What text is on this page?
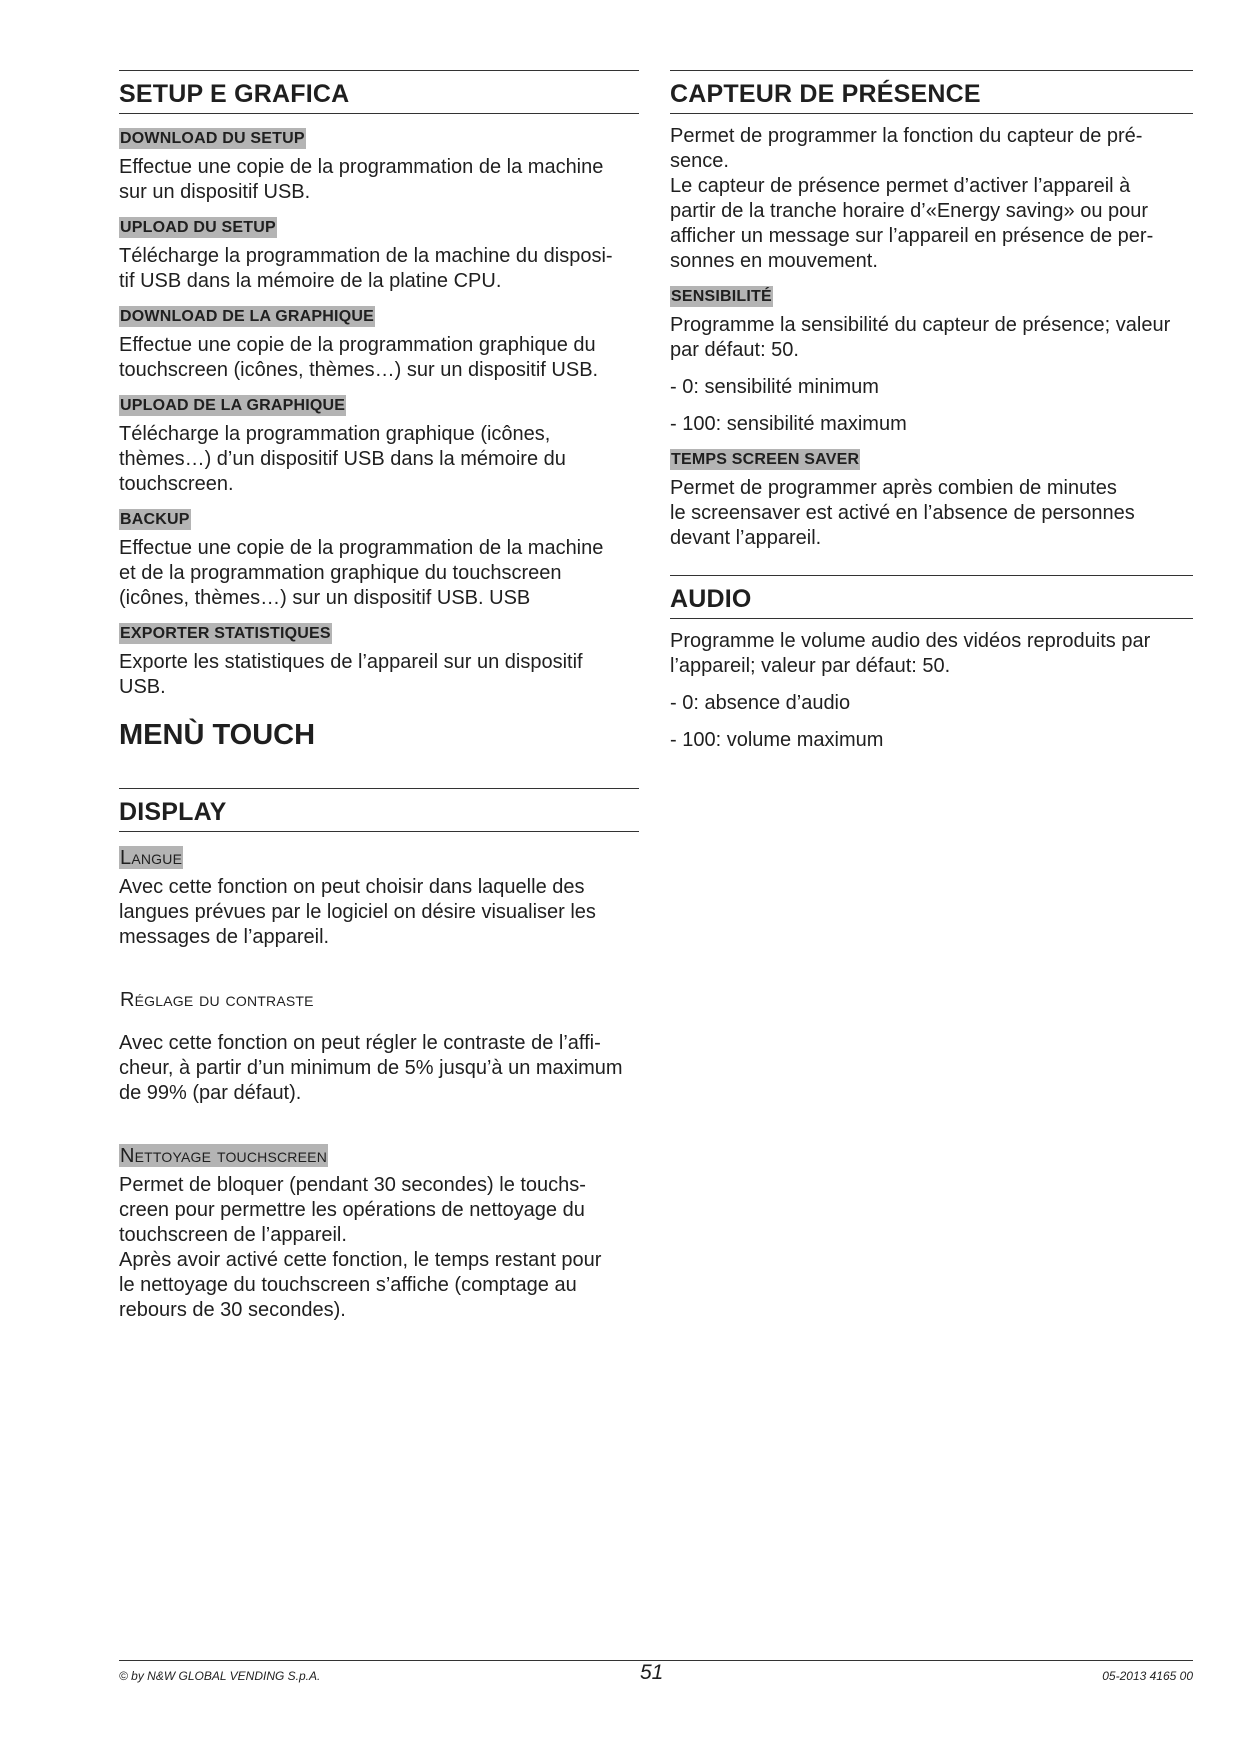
SETUP E GRAFICA
DOWNLOAD DU SETUP

Effectue une copie de la programmation de la machine
sur un dispositif USB.

UPLOAD DU SETUP

Télécharge la programmation de la machine du disposi-
tif USB dans la mémoire de la platine CPU.

DOWNLOAD DE LA GRAPHIQUE

Effectue une copie de la programmation graphique du
touchscreen (icônes, thèmes…) sur un dispositif USB.

UPLOAD DE LA GRAPHIQUE

Télécharge la programmation graphique (icônes,
thèmes…) d’un dispositif USB dans la mémoire du
touchscreen.

BACKUP

Effectue une copie de la programmation de la machine
et de la programmation graphique du touchscreen
(icônes, thèmes…) sur un dispositif USB. USB

EXPORTER STATISTIQUES

Exporte les statistiques de l’appareil sur un dispositif
USB.

MENÙ TOUCH
DISPLAY
Langue

Avec cette fonction on peut choisir dans laquelle des
langues prévues par le logiciel on désire visualiser les
messages de l’appareil.

Réglage du contraste

Avec cette fonction on peut régler le contraste de l’affi-
cheur, à partir d’un minimum de 5% jusqu’à un maximum
de 99% (par défaut).

Nettoyage touchscreen

Permet de bloquer (pendant 30 secondes) le touchs-
creen pour permettre les opérations de nettoyage du
touchscreen de l’appareil.
Après avoir activé cette fonction, le temps restant pour
le nettoyage du touchscreen s’affiche (comptage au
rebours de 30 secondes).

CAPTEUR DE PRÉSENCE

Permet de programmer la fonction du capteur de pré-
sence.
Le capteur de présence permet d’activer l’appareil à
partir de la tranche horaire d’«Energy saving» ou pour
afficher un message sur l’appareil en présence de per-
sonnes en mouvement.

SENSIBILITÉ

Programme la sensibilité du capteur de présence; valeur
par défaut: 50.

- 0: sensibilité minimum
- 100: sensibilité maximum
TEMPS SCREEN SAVER

Permet de programmer après combien de minutes
le screensaver est activé en l’absence de personnes
devant l’appareil.

AUDIO

Programme le volume audio des vidéos reproduits par
l’appareil; valeur par défaut: 50.

- 0: absence d’audio
- 100: volume maximum
© by N&W GLOBAL VENDING S.p.A.	51	05-2013 4165 00
